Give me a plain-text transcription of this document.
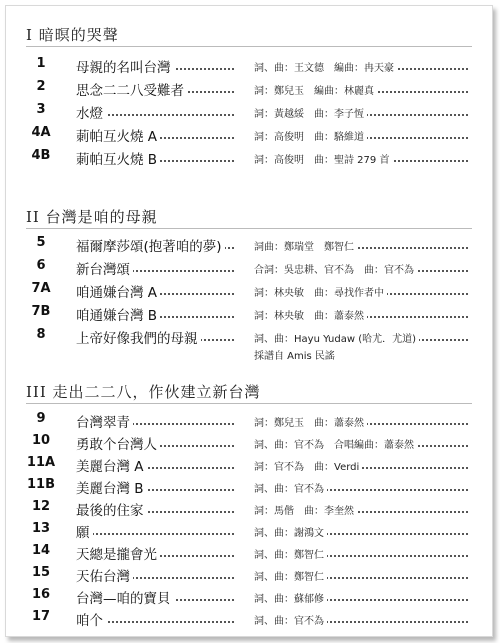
I 暗暝的哭聲
1	母親的名叫台灣	詞、曲：王文德　編曲：冉天豪
2	思念二二八受難者	詞：鄭兒玉　編曲：林麗真
3	水燈	詞：黃越綏　曲：李子恆
4A	莿帕互火燒 A	詞：高俊明　曲：駱維道
4B	莿帕互火燒 B	詞：高俊明　曲：聖詩 279 首
II 台灣是咱的母親
5	福爾摩莎頌(抱著咱的夢)	詞曲：鄭瑞堂　鄭智仁
6	新台灣頌	合詞：吳忠耕、官不為　曲：官不為
7A	咱通嫌台灣 A	詞：林央敏　曲：尋找作者中
7B	咱通嫌台灣 B	詞：林央敏　曲：蕭泰然
8	上帝好像我們的母親	詞、曲：Hayu Yudaw (哈尤．尤道)
採譜自 Amis 民謠
III 走出二二八，作伙建立新台灣
9	台灣翠青	詞：鄭兒玉　曲：蕭泰然
10	勇敢个台灣人	詞、曲：官不為　合唱編曲：蕭泰然
11A 美麗台灣 A	詞：官不為　曲：Verdi
11B 美麗台灣 B	詞、曲：官不為
12	最後的住家	詞：馬偕　曲：李奎然
13	願	詞、曲：謝鴻文
14	天總是攏會光	詞、曲：鄭智仁
15	天佑台灣	詞、曲：鄭智仁
16	台灣—咱的寶貝	詞、曲：蘇郁修
17	咱个	詞、曲：官不為
